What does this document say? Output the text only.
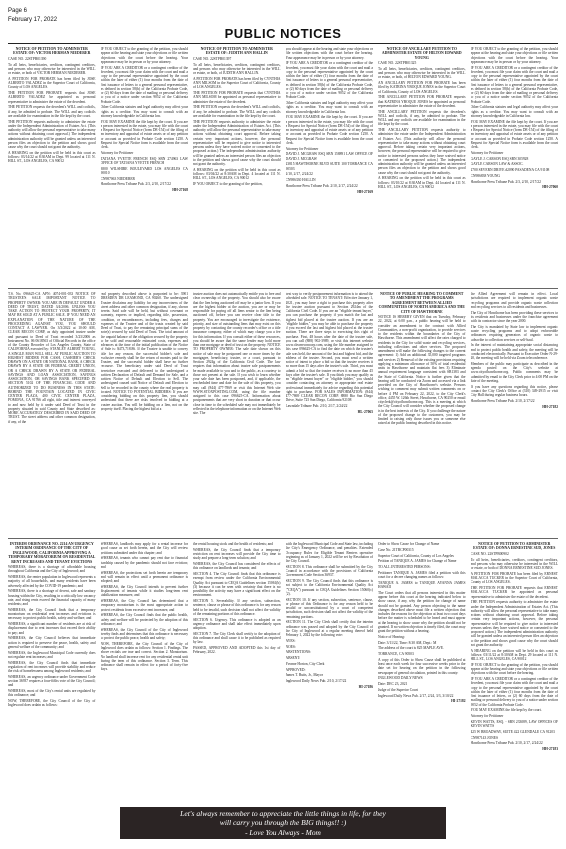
Page 6
February 17, 2022
PUBLIC NOTICES
NOTICE OF PETITION TO ADMINISTER ESTATE OF: VICTOR HERMAN NIEDERER

CASE NO. 22STPB01390

To all heirs, beneficiaries, creditors, contingent creditors, and persons who may otherwise be interested in the WILL or estate, or both of VICTOR HERMAN NIEDERER.

A PETITION FOR PROBATE has been filed by JOSE ALBERTO VALADEZ in the Superior Court of California, County of LOS ANGELES.

THE PETITION FOR PROBATE requests that JOSE ALBERTO VALADEZ be appointed as personal representative to administer the estate of the decedent.

THE PETITION requests the decedent's WILL and codicils, if any, be admitted to probate. The WILL and any codicils are available for examination in the file kept by the court.

THE PETITION requests authority to administer the estate under the Independent Administration of Estates Act. (This authority will allow the personal representative to take many actions without obtaining court approval.) The independent administration authority will be granted unless an interested person files an objection to the petition and shows good cause why the court should not grant the authority.

A HEARING on the petition will be held in this court as follows: 03/14/22 at 8:30AM in Dept. 99 located at 111 N. HILL ST., LOS ANGELES, CA 90012

IF YOU OBJECT to the granting of the petition, you should appear at the hearing and state your objections or file written objections with the court before the hearing. Your appearance may be in person or by your attorney.

IF YOU ARE A CREDITOR or a contingent creditor of the decedent, you must file your claim with the court and mail a copy to the personal representative appointed by the court within the later of either (1) four months from the date of first issuance of letters to a general personal representative, as defined in section 58(b) of the California Probate Code, or (2) 60 days from the date of mailing or personal delivery to you of a notice under section 9052 of the California Probate Code.

Other California statutes and legal authority may affect your rights as a creditor. You may want to consult with an attorney knowledgeable in California law.

YOU MAY EXAMINE the file kept by the court. If you are a person interested in the estate, you may file with the court a Request for Special Notice (form DE-154) of the filing of an inventory and appraisal of estate assets or of any petition or account as provided in Probate Code section 1250. A Request for Special Notice form is available from the court clerk.

Attorney for Petitioner

TATIANA YVETTE FRENCH ESQ SBN 274963 LAW OFFICE OF TATIANA YVETTE FRENCH

3800 WILSHIRE BOULEVARD LOS ANGELES CA 90010

CN987063 NIEDERER

Hawthorne Press Tribune Pub. 2/3, 2/10, 2/17/22

HH-27168
NOTICE OF PETITION TO ADMINISTER ESTATE OF: JUDITH ANN HALLIN

CASE NO. 22STPB01397

To all heirs, beneficiaries, creditors, contingent creditors, and persons who may otherwise be interested in the WILL or estate, or both, of JUDITH ANN HALLIN.

A PETITION FOR PROBATE has been filed by CYNTHIA ANN MILSOM in the Superior Court of California, County of LOS ANGELES.

THE PETITION FOR PROBATE requests that CYNTHIA ANN MILSOM be appointed as personal representative to administer the estate of the decedent.

THE PETITION requests the decedent's WILL and codicils, if any, be admitted to probate. The WILL and any codicils are available for examination in the file kept by the court.

THE PETITION requests authority to administer the estate under the Independent Administration of Estates Act. (This authority will allow the personal representative to take many actions without obtaining court approval. Before taking certain very important actions, however, the personal representative will be required to give notice to interested persons unless they have waived notice or consented to the proposed action.) The independent administration authority will be granted unless an interested person files an objection to the petition and shows good cause why the court should not grant the authority.

A HEARING on the petition will be held in this court as follows: 03/04/22 at 8:30AM in Dept. 4 located at 111 N. HILL ST., LOS ANGELES, CA 90012

IF YOU OBJECT to the granting of the petition,

you should appear at the hearing and state your objections or file written objections with the court before the hearing. Your appearance may be in person or by your attorney.

IF YOU ARE A CREDITOR or a contingent creditor of the decedent, you must file your claim with the court and mail a copy to the personal representative appointed by the court within the later of either (1) four months from the date of first issuance of letters to a general personal representative, as defined in section 58(b) of the California Probate Code, or (2) 60 days from the date of mailing or personal delivery to you of a notice under section 9052 of the California Probate Code.

Other California statutes and legal authority may affect your rights as a creditor. You may want to consult with an attorney knowledgeable in California law.

YOU MAY EXAMINE the file kept by the court. If you are a person interested in the estate, you may file with the court a Request for Special Notice (form DE-154) of the filing of an inventory and appraisal of estate assets or of any petition or account as provided in Probate Code section 1250. A Request for Special Notice form is available from the court clerk.

Attorney for Petitioner

DAVID J. MCGRAW ESQ SBN 158891 LAW OFFICE OF DAVID J. MCGRAW

23815 HAWTHORNE BLVD SUITE 100 TORRANCE CA 90503

2/10, 2/17, 2/24/22

CN986330 HALLIN

Hawthorne Press Tribune Pub. 2/10, 2/17, 2/24/22

HH-27169
NOTICE OF ANCILLARY PETITION TO ADMINISTER ESTATE OF HILTON EDWARD YOUNG

CASE NO. 22STPB01325

To all heirs, beneficiaries, creditors, contingent creditors, and persons who may otherwise be interested in the WILL or estate, or both, of HILTON EDWARD YOUNG.

AN ANCILLARY PETITION FOR PROBATE has been filed by KATRINA YBOQUE JONES in the Superior Court of California, County of LOS ANGELES.

THE ANCILLARY PETITION FOR PROBATE requests that KATRINA YBOQUE JONES be appointed as personal representative to administer the estate of the decedent.

THE ANCILLARY PETITION requests the decedent's WILL and codicils, if any, be admitted to probate. The WILL and any codicils are available for examination in the file kept by the court.

THE ANCILLARY PETITION requests authority to administer the estate under the Independent Administration of Estates Act. (This authority will allow the personal representative to take many actions without obtaining court approval. Before taking certain very important actions, however, the personal representative will be required to give notice to interested persons unless they have waived notice or consented to the proposed action.) The independent administration authority will be granted unless an interested person files an objection to the petition and shows good cause why the court should not grant the authority.

A HEARING on the petition will be held in this court as follows: 03/10/22 at 8:30AM in Dept. 44 located at 111 N. HILL ST., LOS ANGELES, CA 90012

IF YOU OBJECT to the granting of the petition, you should appear at the hearing and state your objections or file written objections with the court before the hearing. Your appearance may be in person or by your attorney.

IF YOU ARE A CREDITOR or a contingent creditor of the decedent, you must file your claim with the court and mail a copy to the personal representative appointed by the court within the later of either (1) four months from the date of first issuance of letters to a general personal representative, as defined in section 58(b) of the California Probate Code, or (2) 60 days from the date of mailing or personal delivery to you of a notice under section 9052 of the California Probate Code.

Other California statutes and legal authority may affect your rights as a creditor. You may want to consult with an attorney knowledgeable in California law.

YOU MAY EXAMINE the file kept by the court. If you are a person interested in the estate, you may file with the court a Request for Special Notice (form DE-154) of the filing of an inventory and appraisal of estate assets or of any petition or account as provided in Probate Code section 1250. A Request for Special Notice form is available from the court clerk.

Attorney for Petitioner

GAYLE J. CARSON ESQ SBN 305928

GAYLE CARSON LAW & ASSOC.

2700 SEVERN DRIVE #2090 PASADENA CA 91108

CN986838 YOUNG

Hawthorne Press Tribune Pub. 2/3, 2/10, 2/17/22

HH-27060

T.S. No. 096625-CA APN: 4074-001-033 NOTICE OF TRUSTEE'S SALE IMPORTANT NOTICE TO PROPERTY OWNER: YOU ARE IN DEFAULT UNDER A DEED OF TRUST, DATED 3/4/2006. UNLESS YOU TAKE ACTION TO PROTECT YOUR PROPERTY, IT MAY BE SOLD AT A PUBLIC SALE. IF YOU NEED AN EXPLANATION OF THE NATURE OF THE PROCEEDING AGAINST YOU, YOU SHOULD CONTACT A LAWYER. On 3/3/2022 at 10:00 AM, CLEAR RECON CORP, as duly appointed trustee under and pursuant to Deed of Trust recorded 3/23/2006 as Instrument No. 06 0618563 of Official Records in the office of the County Recorder of Los Angeles County, State of CALIFORNIA executed by: STANLEY ALBERT YOUNG, A SINGLE MAN WILL SELL AT PUBLIC AUCTION TO HIGHEST BIDDER FOR CASH, CASHIER'S CHECK DRAWN ON A STATE OR NATIONAL BANK, A CHECK DRAWN BY A STATE OR FEDERAL CREDIT UNION, OR A CHECK DRAWN BY A STATE OR FEDERAL SAVINGS AND LOAN ASSOCIATION, SAVINGS ASSOCIATION, OR SAVINGS BANK SPECIFIED IN SECTION 5102 OF THE FINANCIAL CODE AND AUTHORIZED TO DO BUSINESS IN THIS STATE: BEHIND THE FOUNTAIN LOCATED IN CIVIC CENTER PLAZA, 400 CIVIC CENTER PLAZA, POMONA, CA 91766 all right, title and interest conveyed to and now held by it under said Deed of Trust in the property situated in said County and State described as: MORE ACCURATELY DESCRIBED IN SAID DEED OF TRUST. The street address and other common designation, if any, of the

real property described above is purported to be: 3901 DRESDEN DR LEAMOND, CA 90260. The undersigned Trustee disclaims any liability for any incorrectness of the street address and other common designation, if any, shown herein. Said sale will be held, but without covenant or warranty, express or implied, regarding title, possession, condition, or encumbrances, including fees, charges and expenses of the Trustee and of the trusts created by said Deed of Trust, to pay the remaining principal sums of the note(s) secured by said Deed of Trust. The total amount of the unpaid balance of the obligation secured by the property to be sold and reasonable estimated costs, expenses and advances at the time of the initial publication of the Notice of Sale is: $473,718.86. If the Trustee is unable to convey title for any reason, the successful bidder's sole and exclusive remedy shall be the return of monies paid to the Trustee, and the successful bidder shall have no further recourse. The beneficiary under said Deed of Trust heretofore executed and delivered to the undersigned a written Declaration of Default and Demand for Sale, and a written Notice of Default and Election to Sell. The undersigned caused said Notice of Default and Election to Sell to be recorded in the county where the real property is located. NOTICE TO POTENTIAL BIDDERS: If you are considering bidding on this property lien, you should understand that there are risks involved in bidding at a trustee auction. You will be bidding on a lien, not on the property itself. Placing the highest bid at a

trustee auction does not automatically entitle you to free and clear ownership of the property. You should also be aware that the lien being auctioned off may be a junior lien. If you are the highest bidder at the auction, you are or may be responsible for paying off all liens senior to the lien being auctioned off, before you can receive clear title to the property. You are encouraged to investigate the existence, priority, and size of outstanding liens that may exist on this property by contacting the county recorder's office or a title insurance company, either of which may charge you a fee for this information. If you consult either of these resources, you should be aware that the same lender may hold more than one mortgage or deed of trust on the property. NOTICE TO PROPERTY OWNER: The sale date shown on this notice of sale may be postponed one or more times by the mortgagee, beneficiary, trustee, or a court, pursuant to Section 2924g of the California Civil Code. The law requires that information about trustee sale postponements be made available to you and to the public, as a courtesy to those not present at the sale. If you wish to learn whether your sale date has been postponed, and, if applicable, the rescheduled time and date for the sale of this property, you may call (844) 477-7869 or visit this Internet Web site WWW.STOXPOSTING.COM, using the file number assigned to this case 096625-CA. Information about postponements that are very short in duration or that occur close in time to the scheduled sale may not immediately be reflected in the telephone information or on the Internet Web site. The

best way to verify postponement information is to attend the scheduled sale. NOTICE TO TENANT: Effective January 1, 2021, you may have a right to purchase this property after the trustee auction pursuant to Section 2924m of the California Civil Code. If you are an "eligible tenant buyer," you can purchase the property if you match the last and highest bid placed at the trustee auction. If you are an "eligible bidder," you may be able to purchase the property if you exceed the last and highest bid placed at the trustee auction. There are three steps to exercising this right of purchase. First, 48 hours after the date of the trustee sale, you can call (888) 902-3989, or visit this internet website www.clearreconcorp.com, using the file number assigned to this case 096625-CA to find the date on which the trustee's sale was held, the amount of the last and highest bid, and the address of the trustee. Second, you must send a written notice of intent to place a bid so that the trustee receives it no more than 15 days after the trustee's sale. Third, you must submit a bid so that the trustee receives it no more than 45 days after the trustee's sale. If you think you may qualify as an "eligible tenant buyer" or "eligible bidder," you should consider contacting an attorney or appropriate real estate professional immediately for advice regarding this potential right to purchase. FOR SALES INFORMATION: (844) 477-7869 CLEAR RECON CORP. 8880 Rio San Diego Drive, Suite 725 San Diego, California 92108

Lawndale Tribune Pub. 2/10, 2/17, 2/24/22

HL-27065
NOTICE OF PUBLIC HEARING TO COMMENT TO AMENDMENT THE PROGRAMS AGREEMENT BETWEEN ALLIED COMMUNITIES OF NORTH AMERICA AND THE CITY OF HAWTHORNE

NOTICE IS HEREBY GIVEN that on Tuesday, February 22, 2022, at 6:00 p.m., a public hearing will be held to consider an amendment to the contract with Allied Communities, a non-profit organization, to provide services to the residents within the boundaries of the City of Hawthorne. This amendment will affect the rates charged to residents in the City for solid waste and recycling services, including collections and other services. The proposed amendment will make the following changes to the current agreement: 1) Add an additional 35,000 targeted programs and services 2) Removal of the existing provisions requiring applying a minimum allowance of 50% of total residential units in Hawthorne and maintain flat fees 3) Eliminate annual requirement language consistent with SB1383 and the State of California. Notice is further given that the hearing will be conducted via Zoom and accessed via a link provided on the City of Hawthorne's website. Persons wishing to comment may submit written comments on or before 4 PM on February 22, 2022, to the City Clerk's office, 4455 W. 126th Street, Hawthorne, CA 90250 or email cityclerk@cityofhawthorne.org. This is a meeting at which the City Council will consider whether the proposed change is in the best interests of the City. If you challenge the nature of the proposed change to the customers, you may be limited to raising only those issues you or someone else raised at the public hearing described in this notice.

the Allied Agreement will remain in effect. Local jurisdictions are required to implement organic waste recycling programs and provide organic waste collection and recycling services to all residents and businesses.

The City of Hawthorne has been providing these services to its residents and businesses under the franchise agreement with its contractor since the year 2000.

The City is mandated by State law to implement organic waste recycling programs and to adopt enforceable ordinances requiring generators of organic waste to subscribe to collection services or self-haul.

In the interest of maintaining appropriate social distancing and to protect public health and safety, the meeting will be conducted electronically. Pursuant to Executive Order N-29-20, the meeting will be held via Zoom teleconference.

Members of the public may participate as described in the agenda posted on the City's website at www.cityofhawthorne.org. Public comments may be submitted by email to the City Clerk prior to 4:00 PM on the date of the meeting.

If you have any questions regarding this notice, please contact the City Clerk's Office at (310) 349-2915 or visit City Hall during regular business hours.

Hawthorne Press Tribune Pub. 2/10, 2/17/22

HH-27182
INTERIM ORDINANCE NO. 2214 AN URGENCY INTERIM ORDINANCE OF THE CITY OF INGLEWOOD, CALIFORNIA APPROVING A TEMPORARY MORATORIUM ON RESIDENTIAL RENT INCREASES AND TENANT EVICTIONS

WHEREAS, there is a shortage of affordable housing throughout California and the City of Inglewood; and

WHEREAS, the renter population in Inglewood represents a majority of all households, and many residents have been adversely affected by the COVID-19 pandemic; and

WHEREAS, there is a shortage of decent, safe and sanitary housing within the City, resulting in a critically low vacancy rate, and rising rents exceed the financial capacity of many residents; and

WHEREAS, the City Council finds that a temporary moratorium on residential rent increases and evictions is necessary to protect public health, safety and welfare; and

WHEREAS, a significant number of residents are at risk of displacement due to rent increases that exceed their ability to pay; and

WHEREAS, the City Council believes that immediate action is required to preserve the peace, health, safety and general welfare of the community; and

WHEREAS, the Inglewood Municipal Code currently does not regulate rent increases; and

WHEREAS, the City Council finds that immediate regulation of rent increases will provide stability and reduce the risk of homelessness among Inglewood residents; and

WHEREAS, an urgency ordinance under Government Code section 36937 requires a four-fifths vote of the City Council; and

WHEREAS, most of the City's rental units are regulated by this ordinance; and

NOW, THEREFORE, the City Council of the City of Inglewood does ordain as follows:

WHEREAS, landlords may apply for a rental increase for good cause as set forth herein, and the City will review petitions submitted under this chapter; and

WHEREAS, tenants who cannot pay rent due to financial hardship caused by the pandemic should not face eviction; and

WHEREAS, the protections set forth herein are temporary and will remain in effect until a permanent ordinance is adopted; and

WHEREAS, the City Council intends to prevent further displacement of tenants while it studies long-term rent stabilization measures; and

WHEREAS, the City Council has determined that a temporary moratorium is the most appropriate action to protect residents from excessive rent increases; and

WHEREAS, the City Council finds that the public health, safety and welfare will be protected by the adoption of this ordinance; and

WHEREAS, the City Council of the City of Inglewood hereby finds and determines that this ordinance is necessary to protect the public peace, health and safety;

NOW, THEREFORE, the City Council of the City of Inglewood does ordain as follows: Section 1. Findings. The above recitals are true and correct. Section 2. Moratorium. No landlord shall increase rent for any residential rental unit during the term of this ordinance. Section 3. Term. This ordinance shall remain in effect for a period of forty-five days.

the rental housing stock and the health of residents; and

WHEREAS, the City Council finds that a temporary restriction on rent increases will provide the City time to study and prepare a long-term solution; and

WHEREAS, the City Council has considered the effects of this ordinance on landlords and tenants; and

SECTION 4. The City Council finds that this ordinance is exempt from review under the California Environmental Quality Act pursuant to CEQA Guidelines section 15061(b)(3) because it can be seen with certainty that there is no possibility the activity may have a significant effect on the environment.

SECTION 5. Severability. If any section, subsection, sentence, clause or phrase of this ordinance is for any reason held to be invalid, such decision shall not affect the validity of the remaining portions of this ordinance.

SECTION 6. Urgency. This ordinance is adopted as an urgency ordinance and shall take effect immediately upon adoption.

SECTION 7. The City Clerk shall certify to the adoption of this ordinance and shall cause it to be published as required by law.

PASSED, APPROVED AND ADOPTED this 1st day of February, 2022.

with the Inglewood Municipal Code and State law, including the City's Emergency Ordinance, and penalties. Extended Occupancy Rules for Eligible Tenant Renters operative beginning as of January 1, 2022 will be set by Resolution of the City Council.

SECTION 8. This ordinance shall be submitted by the City Council in accordance with the provisions of California Government Code Section 36937.

SECTION 9. The City Council finds that this ordinance is not subject to the California Environmental Quality Act ("CEQA") pursuant to CEQA Guidelines Section 15060(c)(2).

SECTION 10. If any section, subsection, sentence, clause, or phrase of this Ordinance is for any reason held to be invalid or unconstitutional by a court of competent jurisdiction, such decision shall not affect the validity of the remaining portions.

SECTION 11. The City Clerk shall certify that the interim ordinance was passed and adopted by the City Council of the City of Inglewood at a regular meeting thereof held February 1, 2022 by the following vote:

AYES:

NOES:

ABSTENTIONS:

ABSENT:

Yvonne Horton, City Clerk

APPROVED:

James T. Butts, Jr., Mayor

Inglewood Daily News Pub. 2/10, 2/17/22

HI-27186

Order to Show Cause for Change of Name

Case No. 21TRCP00315

Superior Court of California, County of Los Angeles

Petition of TANIQUE A. JAMES for Change of Name

TO ALL INTERESTED PERSONS:

Petitioner TANIQUE A. JAMES filed a petition with this court for a decree changing names as follows:

TANIQUE A. JAMES to TANIQUE AYANNA JAMES HAWAII

The Court orders that all persons interested in this matter appear before this court at the hearing indicated below to show cause, if any, why the petition for change of name should not be granted. Any person objecting to the name changes described above must file a written objection that includes the reasons for the objection at least two court days before the matter is scheduled to be heard and must appear at the hearing to show cause why the petition should not be granted. If no written objection is timely filed, the court may grant the petition without a hearing.

Notice of Hearing:

Date: 3/11/22, Time: 8:30 AM, Dept.: M

The address of the court is 825 MAPLE AVE.

TORRANCE, CA 90503

A copy of this Order to Show Cause shall be published at least once each week for four successive weeks prior to the date set for hearing on the petition in the following newspaper of general circulation, printed in this county:

INGLEWOOD DAILY NEWS

Date: DEC 23, 2021

Judge of the Superior Court

Inglewood Daily News Pub. 2/17, 2/24, 3/3, 3/10/22

HI-27182
NOTICE OF PETITION TO ADMINISTER ESTATE OF: DONNA ERNESTINE SUD, JONES

CASE NO. 22STPB00902

To all heirs, beneficiaries, creditors, contingent creditors, and persons who may otherwise be interested in the WILL or estate, or both of DONNA ERNESTINE SUD JONES.

A PETITION FOR PROBATE has been filed by ERNEST MALACCA TUCKER in the Superior Court of California, County of LOS ANGELES.

THE PETITION FOR PROBATE requests that ERNEST MALACCA TUCKER be appointed as personal representative to administer the estate of the decedent.

THE PETITION requests authority to administer the estate under the Independent Administration of Estates Act. (This authority will allow the personal representative to take many actions without obtaining court approval. Before taking certain very important actions, however, the personal representative will be required to give notice to interested persons unless they have waived notice or consented to the proposed action.) The independent administration authority will be granted unless an interested person files an objection to the petition and shows good cause why the court should not grant the authority.

A HEARING on the petition will be held in this court as follows: 03/11/22 at 8:30AM in Dept. 29 located at 111 N. HILL ST., LOS ANGELES, CA 90012

IF YOU OBJECT to the granting of the petition, you should appear at the hearing and state your objections or file written objections with the court before the hearing.

IF YOU ARE A CREDITOR or a contingent creditor of the decedent, you must file your claim with the court and mail a copy to the personal representative appointed by the court within the later of either (1) four months from the date of first issuance of letters, or (2) 60 days from the date of mailing or personal delivery to you of a notice under section 9052 of the California Probate Code.

YOU MAY EXAMINE the file kept by the court.

Attorney for Petitioner

KEVIN WATTS, ESQ. - SBN 233089, LAW OFFICES OF KEVIN WATTS

425 W BROADWAY, SUITE 422 GLENDALE CA 91203

CN987143 JONES

Hawthorne Press Tribune Pub. 2/10, 2/17, 2/24/22

HH-27183
Let's always remember to appreciate the little things in life, for they
will carry you through the BIG things!! :)
- Love You Always - Mom
